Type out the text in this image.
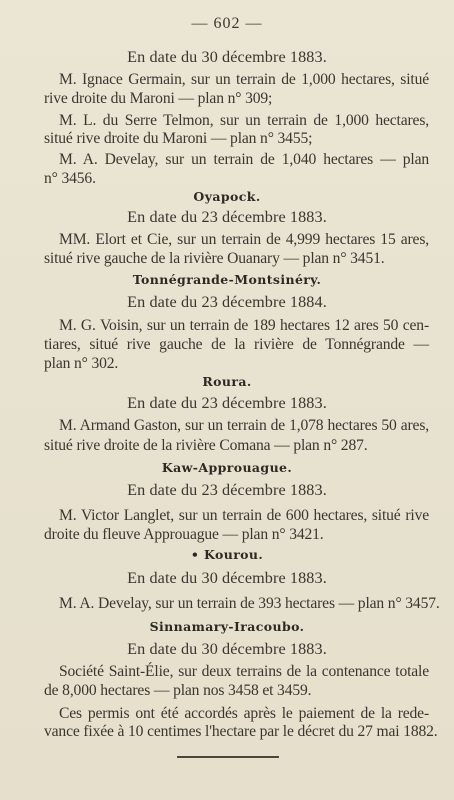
— 602 —
En date du 30 décembre 1883.
M. Ignace Germain, sur un terrain de 1,000 hectares, situé
rive droite du Maroni — plan n° 309;
M. L. du Serre Telmon, sur un terrain de 1,000 hectares,
situé rive droite du Maroni — plan n° 3455;
M. A. Develay, sur un terrain de 1,040 hectares — plan
n° 3456.
Oyapock.
En date du 23 décembre 1883.
MM. Elort et Cie, sur un terrain de 4,999 hectares 15 ares,
situé rive gauche de la rivière Ouanary — plan n° 3451.
Tonnégrande-Montsinéry.
En date du 23 décembre 1884.
M. G. Voisin, sur un terrain de 189 hectares 12 ares 50 cen-
tiares, situé rive gauche de la rivière de Tonnégrande —
plan n° 302.
Roura.
En date du 23 décembre 1883.
M. Armand Gaston, sur un terrain de 1,078 hectares 50 ares,
situé rive droite de la rivière Comana — plan n° 287.
Kaw-Approuague.
En date du 23 décembre 1883.
M. Victor Langlet, sur un terrain de 600 hectares, situé rive
droite du fleuve Approuague — plan n° 3421.
• Kourou.
En date du 30 décembre 1883.
M. A. Develay, sur un terrain de 393 hectares — plan n° 3457.
Sinnamary-Iracoubo.
En date du 30 décembre 1883.
Société Saint-Élie, sur deux terrains de la contenance totale
de 8,000 hectares — plan nos 3458 et 3459.
Ces permis ont été accordés après le paiement de la rede-
vance fixée à 10 centimes l'hectare par le décret du 27 mai 1882.
